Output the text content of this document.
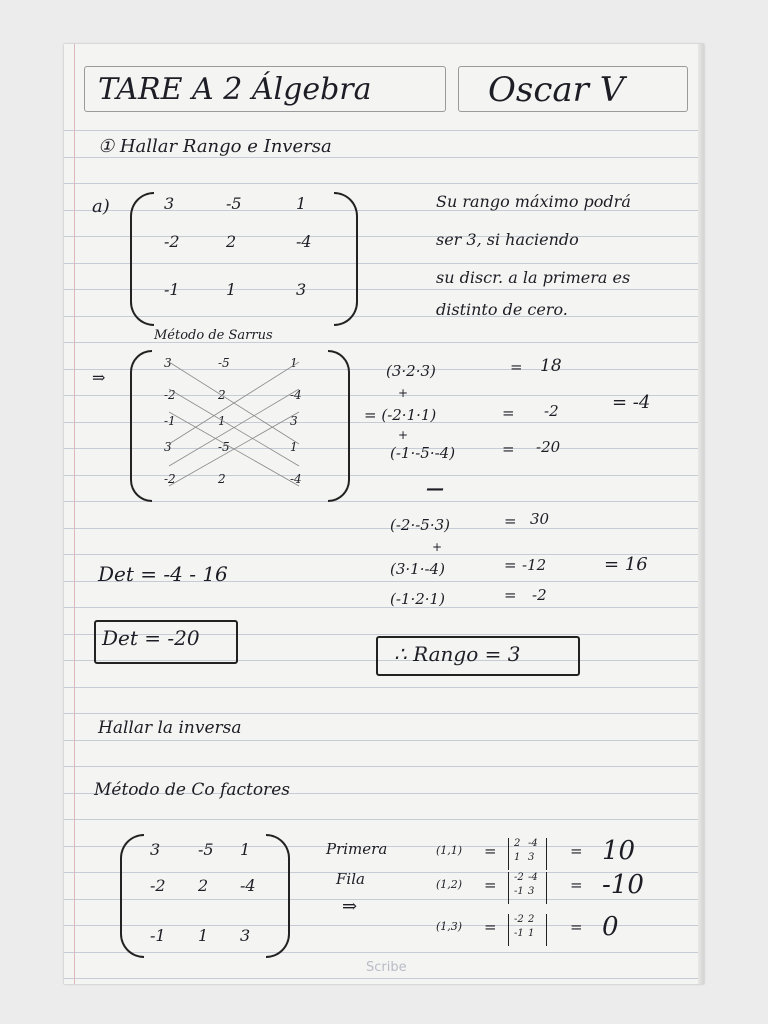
TARE A 2 Álgebra	Oscar V
① Hallar Rango e Inversa
a)	3	-5	1
-2	2	-4
-1	1	3
Su rango máximo podrá
ser 3, si haciendo
su discr. a la primera es
distinto de cero.
Método de Sarrus
⇒
3	-5	1
-2	2	-4
-1	1	3
3	-5	1
-2	2	-4
(3·2·3)	= 18
+
= (-2·1·1)	= -2	= -4
+
(-1·-5·-4)	= -20
—
(-2·-5·3)	= 30
+
(3·1·-4)	= -12	= 16
(-1·2·1)	= -2
Det = -4 - 16
Det = -20
∴ Rango = 3
Hallar la inversa
Método de Co factores
3 -5 1
-2 2 -4
-1 1 3
Primera
Fila
⇒
(1,1) = 2 -4
1 3 = 10
(1,2) = -2 -4
-1 3 = -10
(1,3) = -2 2
-1 1 = 0
Scribe
